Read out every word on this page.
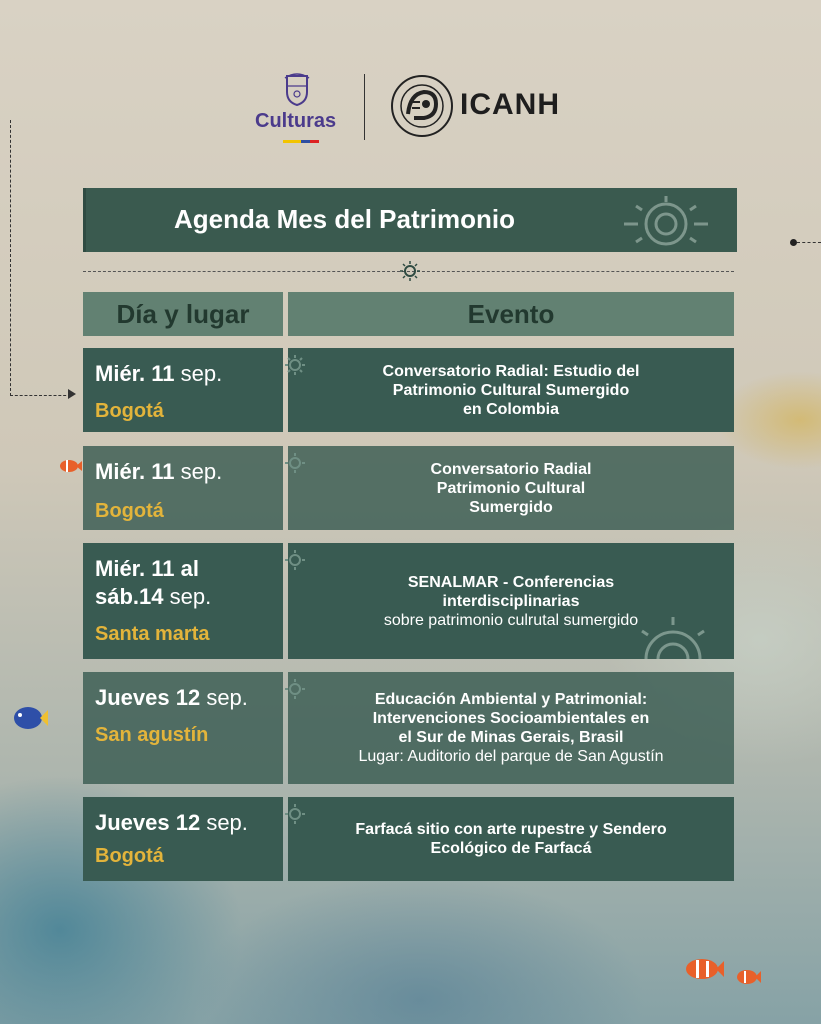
Culturas	ICANH
Agenda Mes del Patrimonio
Día y lugar	Evento
Miér. 11 sep.
Bogotá
Conversatorio Radial: Estudio del
Patrimonio Cultural Sumergido
en Colombia
Miér. 11 sep.
Bogotá
Conversatorio Radial
Patrimonio Cultural
Sumergido
Miér. 11 al
sáb.14 sep.
Santa marta
SENALMAR - Conferencias
interdisciplinarias
sobre patrimonio culrutal sumergido
Jueves 12 sep.
San agustín
Educación Ambiental y Patrimonial:
Intervenciones Socioambientales en
el Sur de Minas Gerais, Brasil
Lugar: Auditorio del parque de San Agustín
Jueves 12 sep.
Bogotá
Farfacá sitio con arte rupestre y Sendero
Ecológico de Farfacá
